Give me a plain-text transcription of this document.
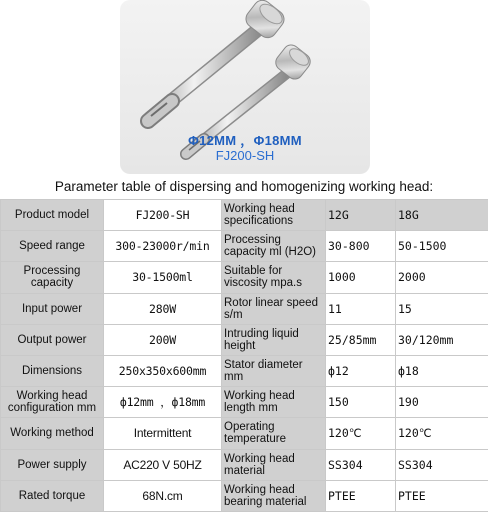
Φ12MM ，Φ18MM
FJ200-SH
Parameter table of dispersing and homogenizing working head:
Product model	FJ200-SH	Working head specifications	12G	18G
Speed range	300-23000r/min	Processing capacity ml (H2O)	30-800	50-1500
Processing capacity	30-1500ml	Suitable for viscosity mpa.s	1000	2000
Input power	280W	Rotor linear speed s/m	11	15
Output power	200W	Intruding liquid height	25/85mm	30/120mm
Dimensions	250x350x600mm	Stator diameter mm	ф12	ф18
Working head configuration mm	ф12mm ，ф18mm	Working head length mm	150	190
Working method	Intermittent	Operating temperature	120℃	120℃
Power supply	AC220 V 50HZ	Working head material	SS304	SS304
Rated torque	68N.cm	Working head bearing material	PTEE	PTEE
